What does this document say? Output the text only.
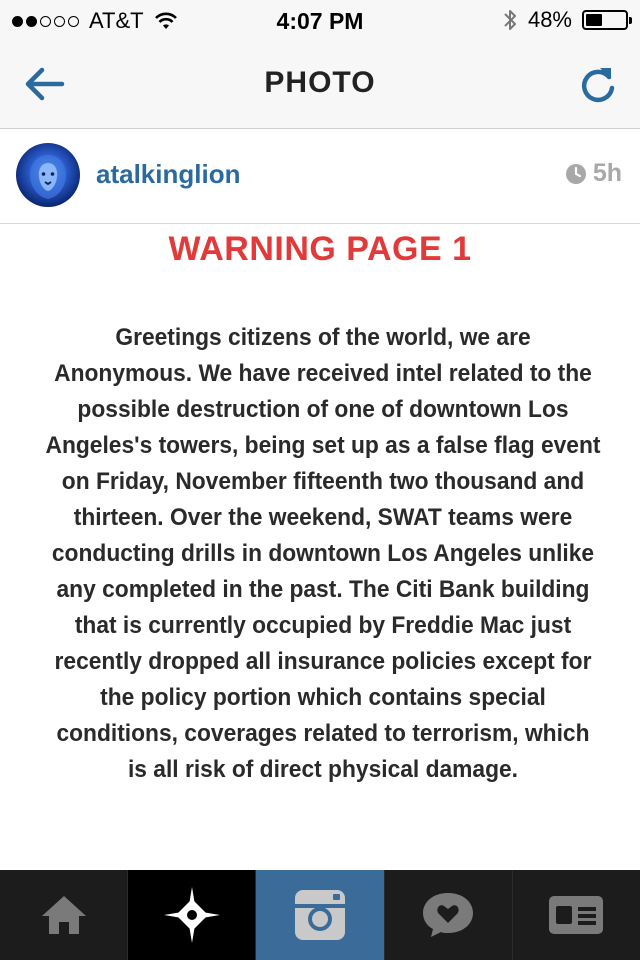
AT&T	4:07 PM	48%
PHOTO
atalkinglion	5h
WARNING PAGE 1
Greetings citizens of the world, we are Anonymous. We have received intel related to the possible destruction of one of downtown Los Angeles's towers, being set up as a false flag event on Friday, November fifteenth two thousand and thirteen. Over the weekend, SWAT teams were conducting drills in downtown Los Angeles unlike any completed in the past. The Citi Bank building that is currently occupied by Freddie Mac just recently dropped all insurance policies except for the policy portion which contains special conditions, coverages related to terrorism, which is all risk of direct physical damage.
